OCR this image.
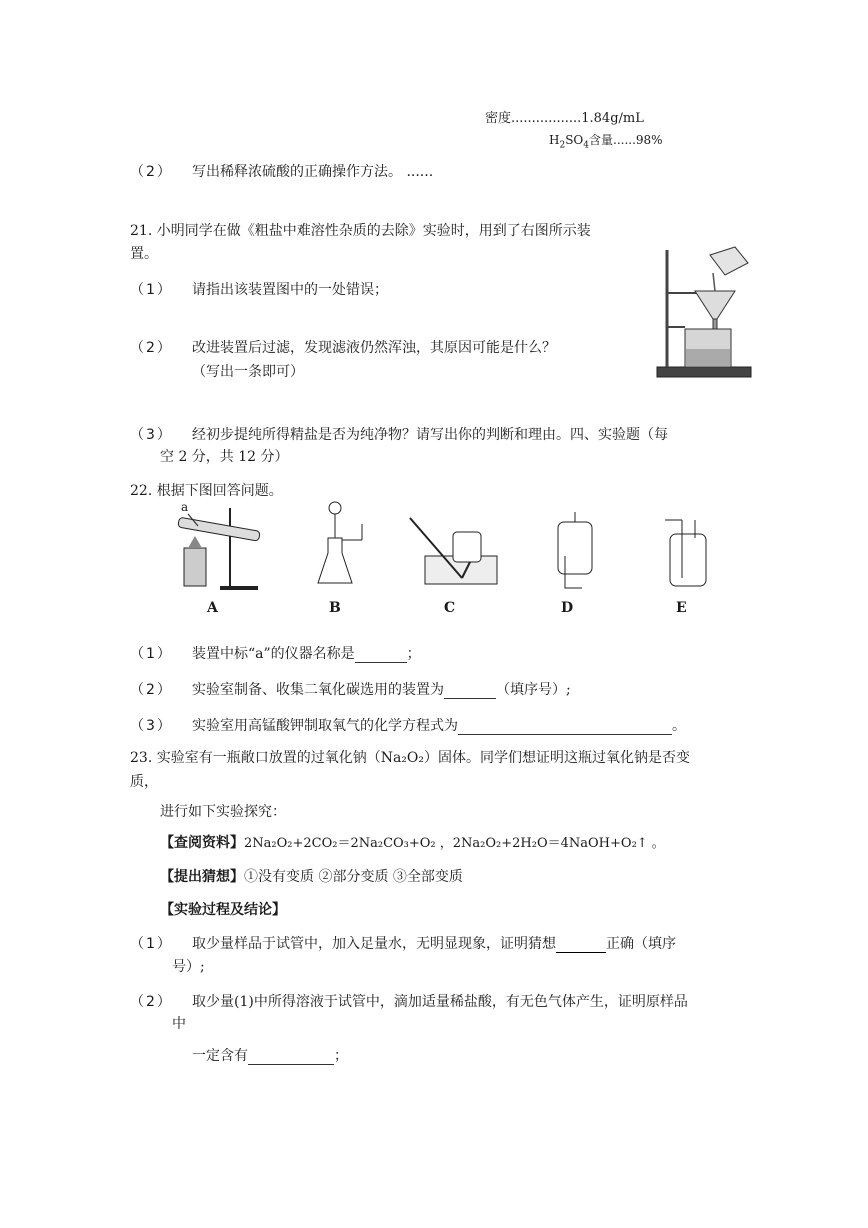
密度.................1.84g/mL
$H_2SO_4$含量......98%
（2） 写出稀释浓硫酸的正确操作方法。 ......
21. 小明同学在做《粗盐中难溶性杂质的去除》实验时，用到了右图所示装
置。
（1） 请指出该装置图中的一处错误；
（2） 改进装置后过滤，发现滤液仍然浑浊，其原因可能是什么？
（写出一条即可）
（3） 经初步提纯所得精盐是否为纯净物？请写出你的判断和理由。四、实验题（每
空 2 分，共 12 分）
22. 根据下图回答问题。
a
A	B	C	D	E
（1） 装置中标“a”的仪器名称是	；
（2） 实验室制备、收集二氧化碳选用的装置为	（填序号）;
（3） 实验室用高锰酸钾制取氧气的化学方程式为	。
23. 实验室有一瓶敞口放置的过氧化钠（Na₂O₂）固体。同学们想证明这瓶过氧化钠是否变
质，
进行如下实验探究：
【查阅资料】2Na₂O₂+2CO₂＝2Na₂CO₃+O₂ ，2Na₂O₂+2H₂O＝4NaOH+O₂↑ 。
【提出猜想】①没有变质 ②部分变质 ③全部变质
【实验过程及结论】
（1） 取少量样品于试管中，加入足量水，无明显现象，证明猜想	正确（填序
号）;
（2） 取少量(1)中所得溶液于试管中，滴加适量稀盐酸，有无色气体产生，证明原样品
中
一定含有	；
